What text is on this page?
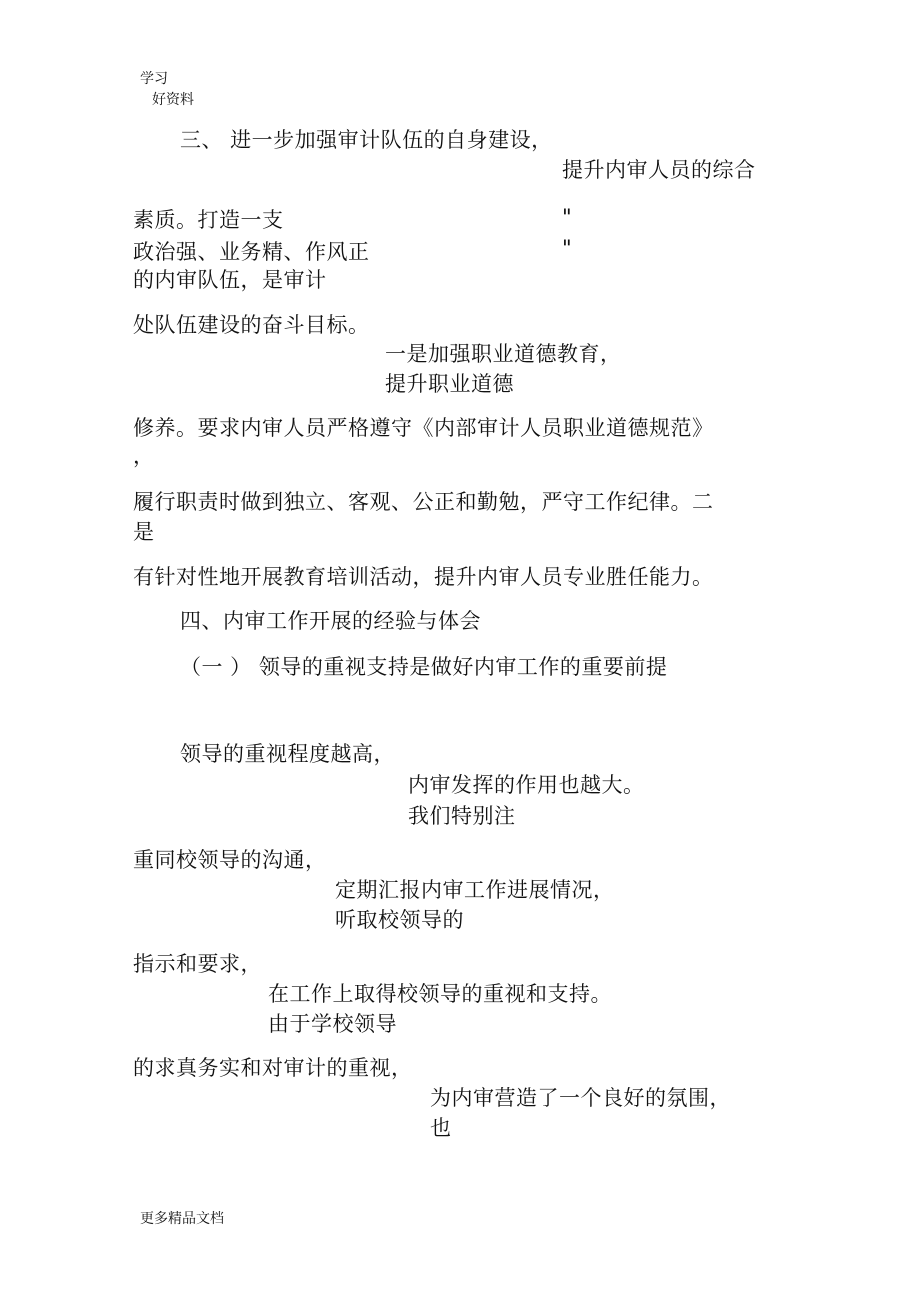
学习
好资料
三、 进一步加强审计队伍的自身建设，
提升内审人员的综合
素质。打造一支	"
政治强、业务精、作风正	"
的内审队伍，是审计
处队伍建设的奋斗目标。
一是加强职业道德教育，
提升职业道德
修养。要求内审人员严格遵守《内部审计人员职业道德规范》
，
履行职责时做到独立、客观、公正和勤勉，严守工作纪律。二
是
有针对性地开展教育培训活动，提升内审人员专业胜任能力。
四、内审工作开展的经验与体会
（一 ） 领导的重视支持是做好内审工作的重要前提
领导的重视程度越高，
内审发挥的作用也越大。
我们特别注
重同校领导的沟通，
定期汇报内审工作进展情况，
听取校领导的
指示和要求，
在工作上取得校领导的重视和支持。
由于学校领导
的求真务实和对审计的重视，
为内审营造了一个良好的氛围，
也
更多精品文档
